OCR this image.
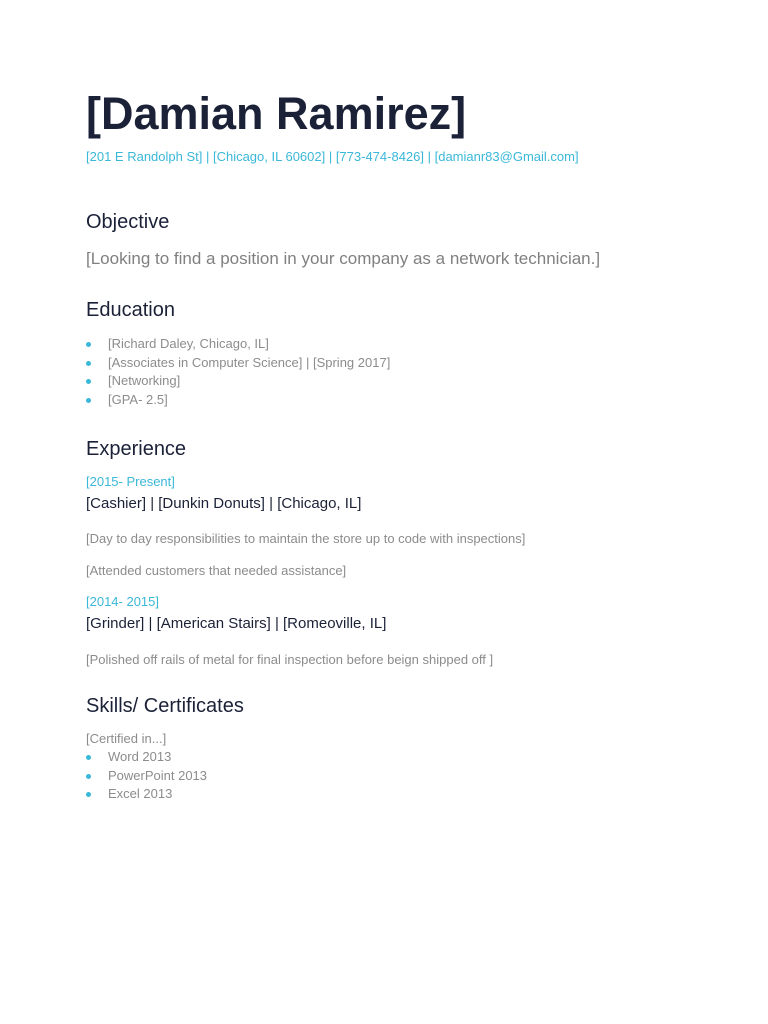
[Damian Ramirez]
[201 E Randolph St] | [Chicago, IL 60602] | [773-474-8426] | [damianr83@Gmail.com]
Objective
[Looking to find a position in your company as a network technician.]
Education
[Richard Daley, Chicago, IL]
[Associates in Computer Science] | [Spring 2017]
[Networking]
[GPA- 2.5]
Experience
[2015- Present]
[Cashier] | [Dunkin Donuts] | [Chicago, IL]
[Day to day responsibilities to maintain the store up to code with inspections]
[Attended customers that needed assistance]
[2014- 2015]
[Grinder] | [American Stairs] | [Romeoville, IL]
[Polished off rails of metal for final inspection before beign shipped off ]
Skills/ Certificates
[Certified in...]
Word 2013
PowerPoint 2013
Excel 2013
